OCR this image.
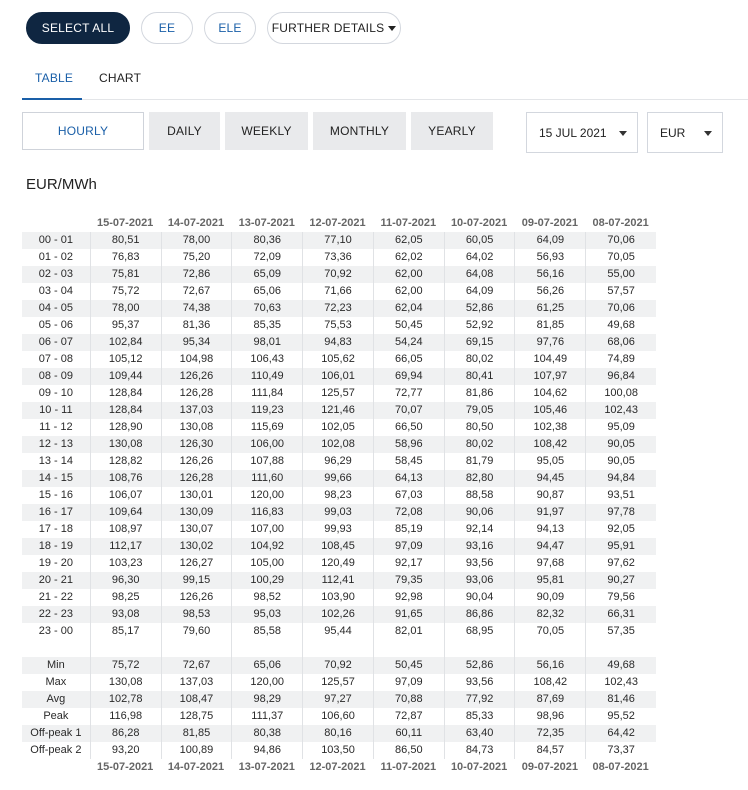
SELECT ALL	EE	ELE	FURTHER DETAILS
TABLE CHART
HOURLY	DAILY	WEEKLY	MONTHLY	YEARLY	15 JUL 2021	EUR
EUR/MWh
15-07-2021	14-07-2021	13-07-2021	12-07-2021	11-07-2021	10-07-2021	09-07-2021	08-07-2021
00 - 01	80,51	78,00	80,36	77,10	62,05	60,05	64,09	70,06
01 - 02	76,83	75,20	72,09	73,36	62,02	64,02	56,93	70,05
02 - 03	75,81	72,86	65,09	70,92	62,00	64,08	56,16	55,00
03 - 04	75,72	72,67	65,06	71,66	62,00	64,09	56,26	57,57
04 - 05	78,00	74,38	70,63	72,23	62,04	52,86	61,25	70,06
05 - 06	95,37	81,36	85,35	75,53	50,45	52,92	81,85	49,68
06 - 07	102,84	95,34	98,01	94,83	54,24	69,15	97,76	68,06
07 - 08	105,12	104,98	106,43	105,62	66,05	80,02	104,49	74,89
08 - 09	109,44	126,26	110,49	106,01	69,94	80,41	107,97	96,84
09 - 10	128,84	126,28	111,84	125,57	72,77	81,86	104,62	100,08
10 - 11	128,84	137,03	119,23	121,46	70,07	79,05	105,46	102,43
11 - 12	128,90	130,08	115,69	102,05	66,50	80,50	102,38	95,09
12 - 13	130,08	126,30	106,00	102,08	58,96	80,02	108,42	90,05
13 - 14	128,82	126,26	107,88	96,29	58,45	81,79	95,05	90,05
14 - 15	108,76	126,28	111,60	99,66	64,13	82,80	94,45	94,84
15 - 16	106,07	130,01	120,00	98,23	67,03	88,58	90,87	93,51
16 - 17	109,64	130,09	116,83	99,03	72,08	90,06	91,97	97,78
17 - 18	108,97	130,07	107,00	99,93	85,19	92,14	94,13	92,05
18 - 19	112,17	130,02	104,92	108,45	97,09	93,16	94,47	95,91
19 - 20	103,23	126,27	105,00	120,49	92,17	93,56	97,68	97,62
20 - 21	96,30	99,15	100,29	112,41	79,35	93,06	95,81	90,27
21 - 22	98,25	126,26	98,52	103,90	92,98	90,04	90,09	79,56
22 - 23	93,08	98,53	95,03	102,26	91,65	86,86	82,32	66,31
23 - 00	85,17	79,60	85,58	95,44	82,01	68,95	70,05	57,35
Min	75,72	72,67	65,06	70,92	50,45	52,86	56,16	49,68
Max	130,08	137,03	120,00	125,57	97,09	93,56	108,42	102,43
Avg	102,78	108,47	98,29	97,27	70,88	77,92	87,69	81,46
Peak	116,98	128,75	111,37	106,60	72,87	85,33	98,96	95,52
Off-peak 1	86,28	81,85	80,38	80,16	60,11	63,40	72,35	64,42
Off-peak 2	93,20	100,89	94,86	103,50	86,50	84,73	84,57	73,37
15-07-2021	14-07-2021	13-07-2021	12-07-2021	11-07-2021	10-07-2021	09-07-2021	08-07-2021
